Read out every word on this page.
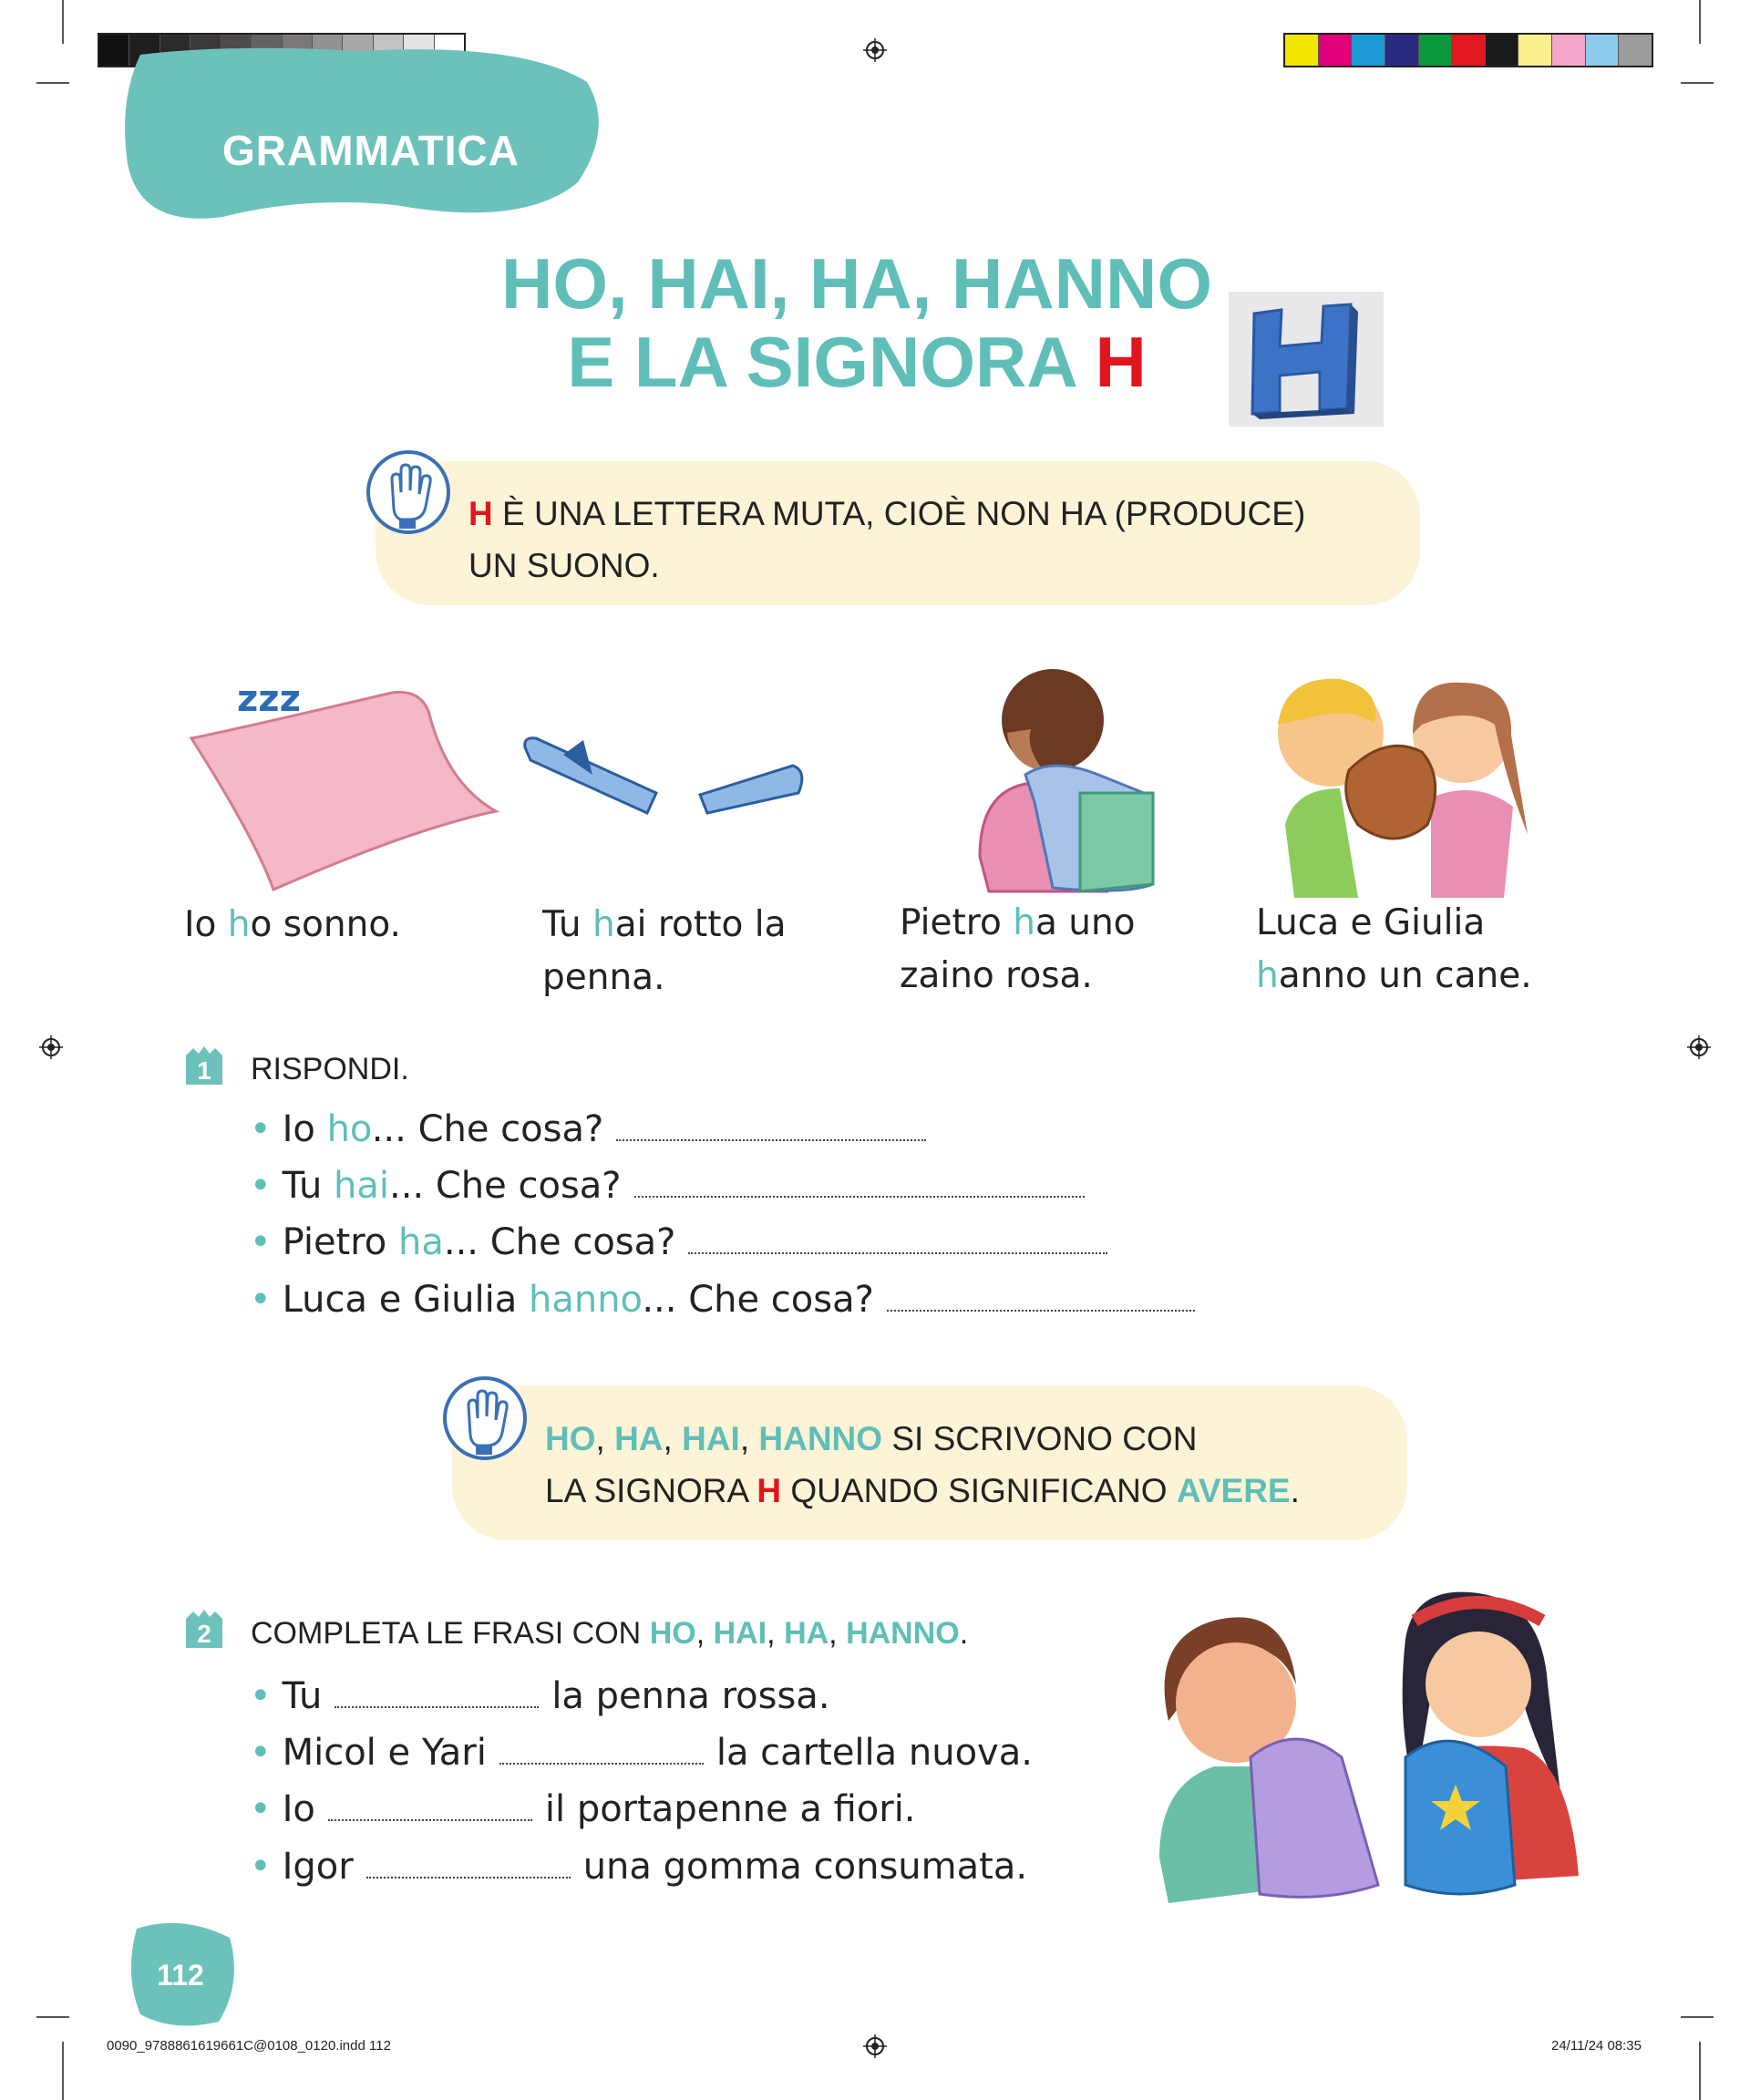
GRAMMATICA
HO, HAI, HA, HANNO
E LA SIGNORA H
H È UNA LETTERA MUTA, CIOÈ NON HA (PRODUCE)
UN SUONO.
zzz
Io ho sonno.	Tu hai rotto la
penna.
Pietro ha uno
zaino rosa.
Luca e Giulia
hanno un cane.
1 RISPONDI.
• Io ho... Che cosa?
• Tu hai... Che cosa?
• Pietro ha... Che cosa?
• Luca e Giulia hanno... Che cosa?
HO, HA, HAI, HANNO SI SCRIVONO CON
LA SIGNORA H QUANDO SIGNIFICANO AVERE.
2 COMPLETA LE FRASI CON HO, HAI, HA, HANNO.
• Tu	la penna rossa.
• Micol e Yari	la cartella nuova.
• Io	il portapenne a fiori.
• Igor	una gomma consumata.
112
0090_9788861619661C@0108_0120.indd 112	24/11/24 08:35
